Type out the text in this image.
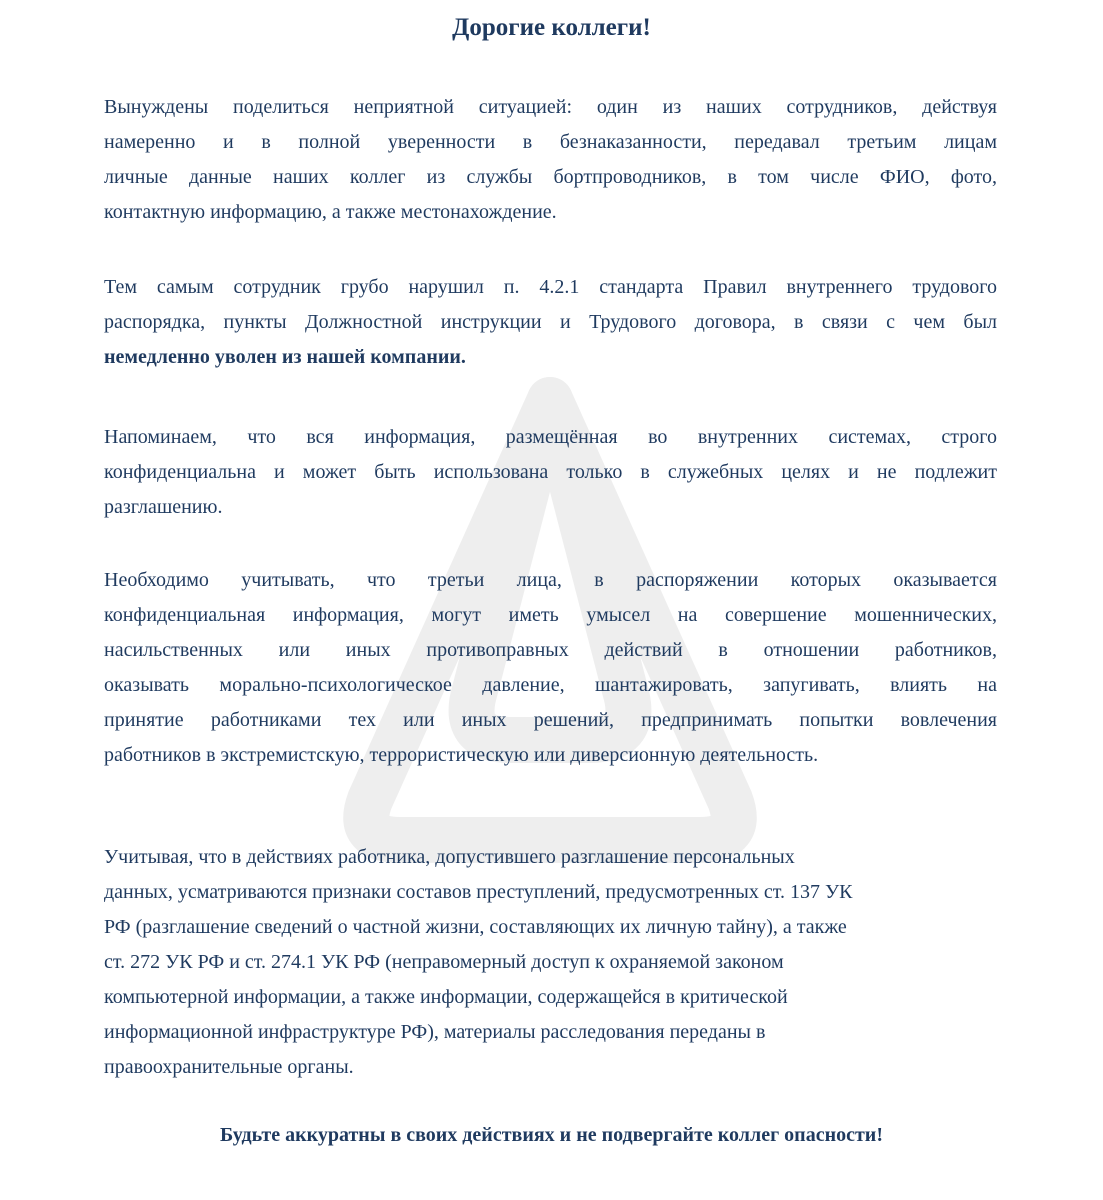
Дорогие коллеги!
Вынуждены поделиться неприятной ситуацией: один из наших сотрудников, действуя
намеренно и в полной уверенности в безнаказанности, передавал третьим лицам
личные данные наших коллег из службы бортпроводников, в том числе ФИО, фото,
контактную информацию, а также местонахождение.
Тем самым сотрудник грубо нарушил п. 4.2.1 стандарта Правил внутреннего трудового
распорядка, пункты Должностной инструкции и Трудового договора, в связи с чем был
немедленно уволен из нашей компании.
Напоминаем, что вся информация, размещённая во внутренних системах, строго
конфиденциальна и может быть использована только в служебных целях и не подлежит
разглашению.
Необходимо учитывать, что третьи лица, в распоряжении которых оказывается
конфиденциальная информация, могут иметь умысел на совершение мошеннических,
насильственных или иных противоправных действий в отношении работников,
оказывать морально-психологическое давление, шантажировать, запугивать, влиять на
принятие работниками тех или иных решений, предпринимать попытки вовлечения
работников в экстремистскую, террористическую или диверсионную деятельность.
Учитывая, что в действиях работника, допустившего разглашение персональных
данных, усматриваются признаки составов преступлений, предусмотренных ст. 137 УК
РФ (разглашение сведений о частной жизни, составляющих их личную тайну), а также
ст. 272 УК РФ и ст. 274.1 УК РФ (неправомерный доступ к охраняемой законом
компьютерной информации, а также информации, содержащейся в критической
информационной инфраструктуре РФ), материалы расследования переданы в
правоохранительные органы.
Будьте аккуратны в своих действиях и не подвергайте коллег опасности!
